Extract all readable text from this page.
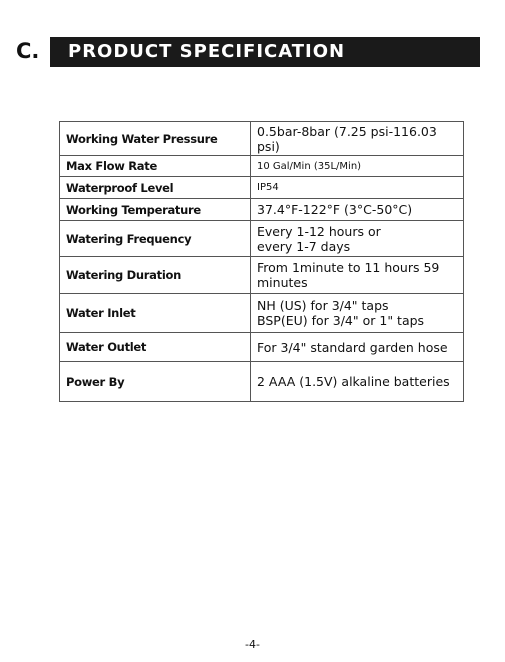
C. PRODUCT SPECIFICATION
Working Water Pressure	0.5bar-8bar (7.25 psi-116.03 psi)
Max Flow Rate	10 Gal/Min (35L/Min)
Waterproof Level	IP54
Working Temperature	37.4°F-122°F (3°C-50°C)
Watering Frequency	Every 1-12 hours or
every 1-7 days

Watering Duration	From 1minute to 11 hours 59
minutes

Water Inlet	NH (US) for 3/4" taps
BSP(EU) for 3/4" or 1" taps

Water Outlet	For 3/4" standard garden hose
Power By	2 AAA (1.5V) alkaline batteries
-4-
